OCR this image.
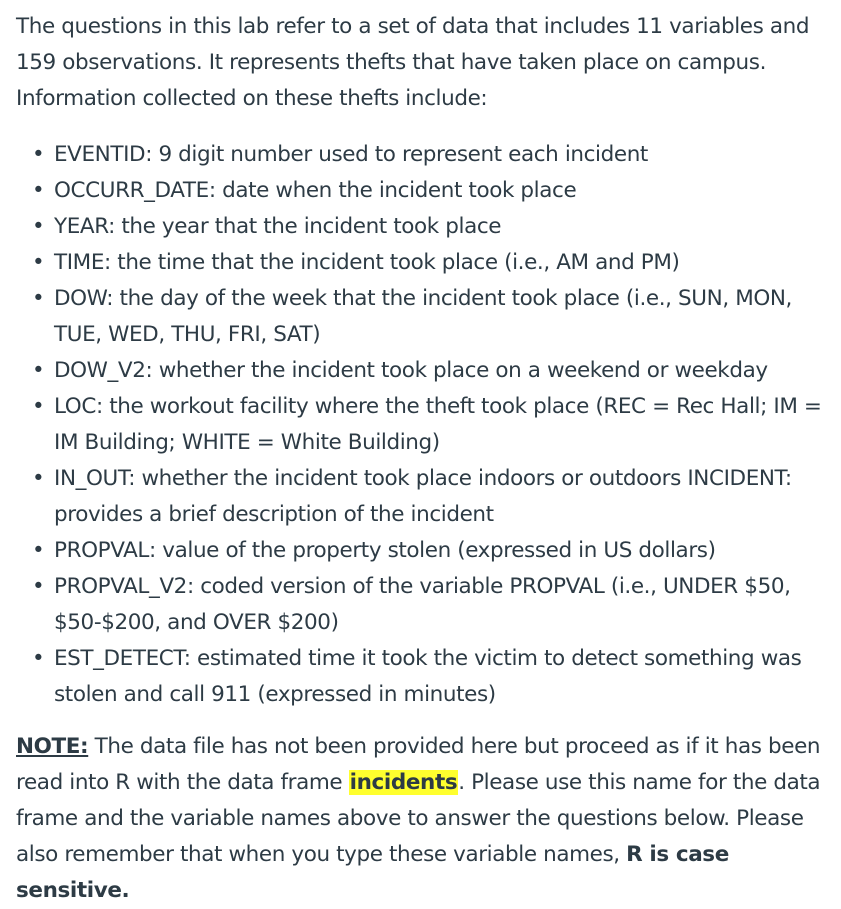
The questions in this lab refer to a set of data that includes 11 variables and 159 observations. It represents thefts that have taken place on campus. Information collected on these thefts include:

• EVENTID: 9 digit number used to represent each incident
• OCCURR_DATE: date when the incident took place
• YEAR: the year that the incident took place
• TIME: the time that the incident took place (i.e., AM and PM)
• DOW: the day of the week that the incident took place (i.e., SUN, MON, TUE, WED, THU, FRI, SAT)
• DOW_V2: whether the incident took place on a weekend or weekday
• LOC: the workout facility where the theft took place (REC = Rec Hall; IM = IM Building; WHITE = White Building)
• IN_OUT: whether the incident took place indoors or outdoors INCIDENT: provides a brief description of the incident
• PROPVAL: value of the property stolen (expressed in US dollars)
• PROPVAL_V2: coded version of the variable PROPVAL (i.e., UNDER $50, $50-$200, and OVER $200)
• EST_DETECT: estimated time it took the victim to detect something was stolen and call 911 (expressed in minutes)

NOTE: The data file has not been provided here but proceed as if it has been read into R with the data frame incidents. Please use this name for the data frame and the variable names above to answer the questions below. Please also remember that when you type these variable names, R is case sensitive.
